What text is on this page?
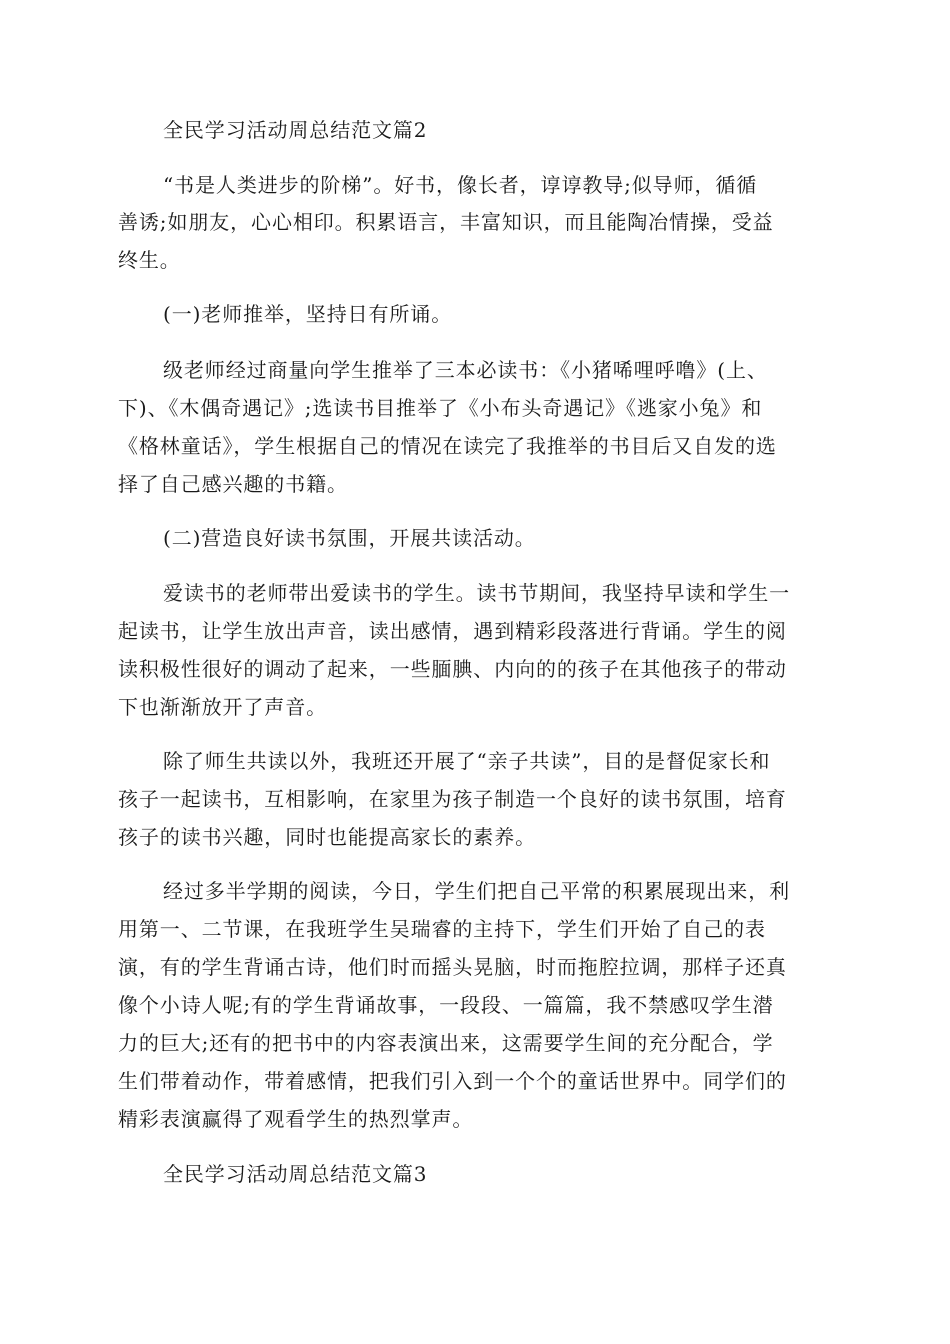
全民学习活动周总结范文篇2
“书是人类进步的阶梯”。好书，像长者，谆谆教导;似导师，循循
善诱;如朋友，心心相印。积累语言，丰富知识，而且能陶冶情操，受益
终生。
(一)老师推举，坚持日有所诵。
级老师经过商量向学生推举了三本必读书：《小猪唏哩呼噜》(上、
下)、《木偶奇遇记》;选读书目推举了《小布头奇遇记》《逃家小兔》和
《格林童话》，学生根据自己的情况在读完了我推举的书目后又自发的选
择了自己感兴趣的书籍。
(二)营造良好读书氛围，开展共读活动。
爱读书的老师带出爱读书的学生。读书节期间，我坚持早读和学生一
起读书，让学生放出声音，读出感情，遇到精彩段落进行背诵。学生的阅
读积极性很好的调动了起来，一些腼腆、内向的的孩子在其他孩子的带动
下也渐渐放开了声音。
除了师生共读以外，我班还开展了“亲子共读”，目的是督促家长和
孩子一起读书，互相影响，在家里为孩子制造一个良好的读书氛围，培育
孩子的读书兴趣，同时也能提高家长的素养。
经过多半学期的阅读，今日，学生们把自己平常的积累展现出来，利
用第一、二节课，在我班学生吴瑞睿的主持下，学生们开始了自己的表
演，有的学生背诵古诗，他们时而摇头晃脑，时而拖腔拉调，那样子还真
像个小诗人呢;有的学生背诵故事，一段段、一篇篇，我不禁感叹学生潜
力的巨大;还有的把书中的内容表演出来，这需要学生间的充分配合，学
生们带着动作，带着感情，把我们引入到一个个的童话世界中。同学们的
精彩表演赢得了观看学生的热烈掌声。
全民学习活动周总结范文篇3
